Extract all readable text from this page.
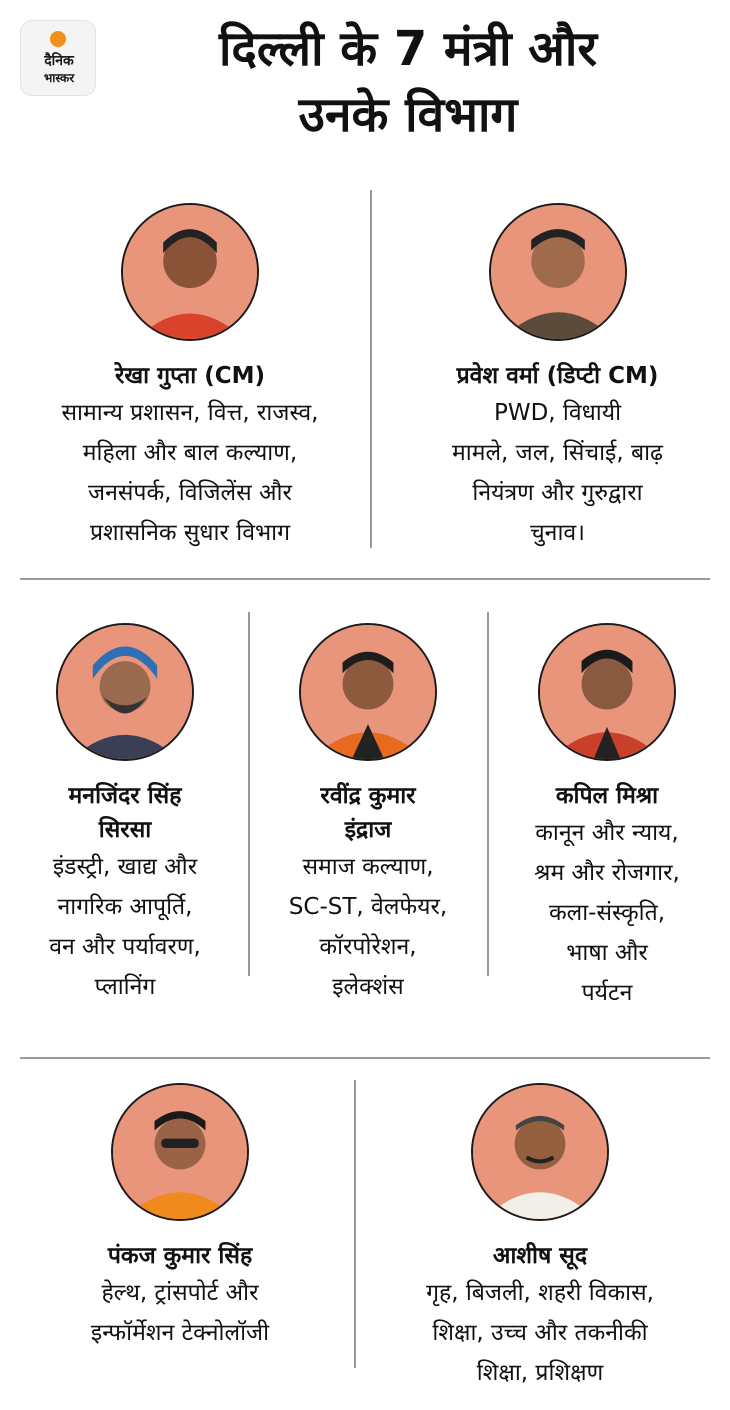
दैनिक
भास्कर
दिल्ली के 7 मंत्री और
उनके विभाग
रेखा गुप्ता (CM)
सामान्य प्रशासन, वित्त, राजस्व,
महिला और बाल कल्याण,
जनसंपर्क, विजिलेंस और
प्रशासनिक सुधार विभाग
प्रवेश वर्मा (डिप्टी CM)
PWD, विधायी
मामले, जल, सिंचाई, बाढ़
नियंत्रण और गुरुद्वारा
चुनाव।
मनजिंदर सिंह
सिरसा
इंडस्ट्री, खाद्य और
नागरिक आपूर्ति,
वन और पर्यावरण,
प्लानिंग
रवींद्र कुमार
इंद्राज
समाज कल्याण,
SC-ST, वेलफेयर,
कॉरपोरेशन,
इलेक्शंस
कपिल मिश्रा
कानून और न्याय,
श्रम और रोजगार,
कला-संस्कृति,
भाषा और
पर्यटन
पंकज कुमार सिंह
हेल्थ, ट्रांसपोर्ट और
इन्फॉर्मेशन टेक्नोलॉजी
आशीष सूद
गृह, बिजली, शहरी विकास,
शिक्षा, उच्च और तकनीकी
शिक्षा, प्रशिक्षण
